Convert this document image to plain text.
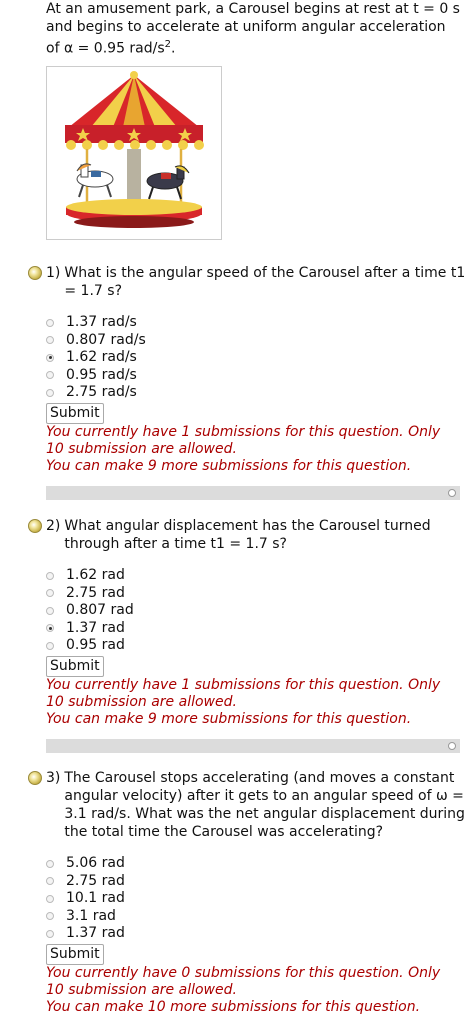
At an amusement park, a Carousel begins at rest at t = 0 s
and begins to accelerate at uniform angular acceleration
of α = 0.95 rad/$s^2$.
1) What is the angular speed of the Carousel after a time t1 = 1.7 s?
1.37 rad/s
0.807 rad/s
1.62 rad/s
0.95 rad/s
2.75 rad/s
Submit
You currently have 1 submissions for this question. Only
10 submission are allowed.
You can make 9 more submissions for this question.
2) What angular displacement has the Carousel turned through after a time t1 = 1.7 s?
1.62 rad
2.75 rad
0.807 rad
1.37 rad
0.95 rad
Submit
You currently have 1 submissions for this question. Only
10 submission are allowed.
You can make 9 more submissions for this question.
3) The Carousel stops accelerating (and moves a constant angular velocity) after it gets to an angular speed of ω = 3.1 rad/s. What was the net angular displacement during the total time the Carousel was accelerating?
5.06 rad
2.75 rad
10.1 rad
3.1 rad
1.37 rad
Submit
You currently have 0 submissions for this question. Only
10 submission are allowed.
You can make 10 more submissions for this question.
